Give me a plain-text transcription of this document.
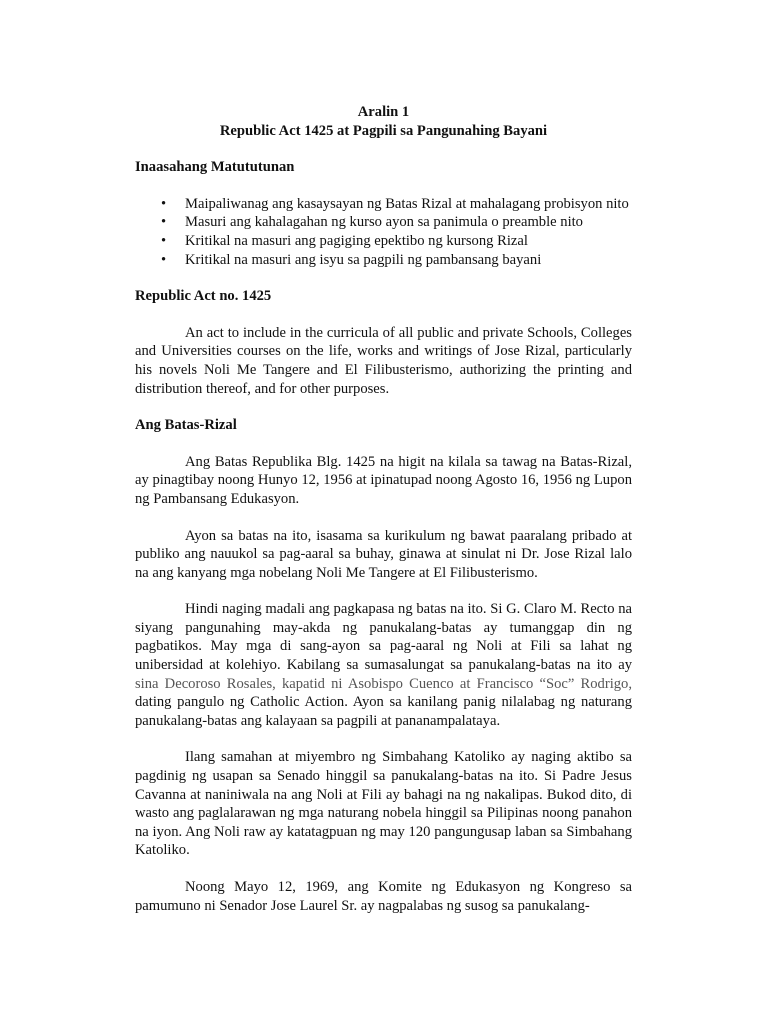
Aralin 1

Republic Act 1425 at Pagpili sa Pangunahing Bayani

Inaasahang Matututunan

• Maipaliwanag ang kasaysayan ng Batas Rizal at mahalagang probisyon nito
• Masuri ang kahalagahan ng kurso ayon sa panimula o preamble nito
• Kritikal na masuri ang pagiging epektibo ng kursong Rizal
• Kritikal na masuri ang isyu sa pagpili ng pambansang bayani

Republic Act no. 1425

An act to include in the curricula of all public and private Schools, Colleges and Universities courses on the life, works and writings of Jose Rizal, particularly his novels Noli Me Tangere and El Filibusterismo, authorizing the printing and distribution thereof, and for other purposes.

Ang Batas-Rizal

Ang Batas Republika Blg. 1425 na higit na kilala sa tawag na Batas-Rizal, ay pinagtibay noong Hunyo 12, 1956 at ipinatupad noong Agosto 16, 1956 ng Lupon ng Pambansang Edukasyon.

Ayon sa batas na ito, isasama sa kurikulum ng bawat paaralang pribado at publiko ang nauukol sa pag-aaral sa buhay, ginawa at sinulat ni Dr. Jose Rizal lalo na ang kanyang mga nobelang Noli Me Tangere at El Filibusterismo.

Hindi naging madali ang pagkapasa ng batas na ito. Si G. Claro M. Recto na siyang pangunahing may-akda ng panukalang-batas ay tumanggap din ng pagbatikos. May mga di sang-ayon sa pag-aaral ng Noli at Fili sa lahat ng unibersidad at kolehiyo. Kabilang sa sumasalungat sa panukalang-batas na ito ay sina Decoroso Rosales, kapatid ni Asobispo Cuenco at Francisco “Soc” Rodrigo, dating pangulo ng Catholic Action. Ayon sa kanilang panig nilalabag ng naturang panukalang-batas ang kalayaan sa pagpili at pananampalataya.

Ilang samahan at miyembro ng Simbahang Katoliko ay naging aktibo sa pagdinig ng usapan sa Senado hinggil sa panukalang-batas na ito. Si Padre Jesus Cavanna at naniniwala na ang Noli at Fili ay bahagi na ng nakalipas. Bukod dito, di wasto ang paglalarawan ng mga naturang nobela hinggil sa Pilipinas noong panahon na iyon. Ang Noli raw ay katatagpuan ng may 120 pangungusap laban sa Simbahang Katoliko.

Noong Mayo 12, 1969, ang Komite ng Edukasyon ng Kongreso sa pamumuno ni Senador Jose Laurel Sr. ay nagpalabas ng susog sa panukalang-
